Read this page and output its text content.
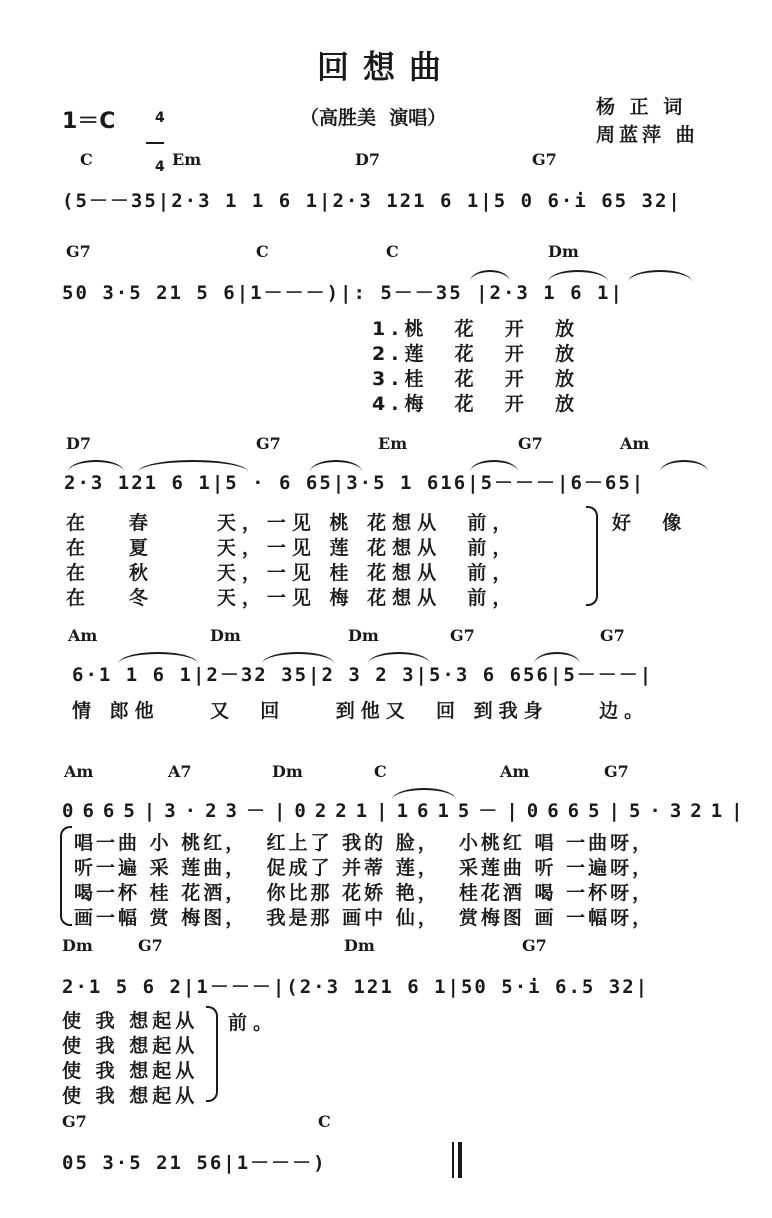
回想曲
1＝C	4

4

（高胜美  演唱）	杨 正 词
周蓝萍 曲
C	Em	D7	G7
(5－－35|2·3 1 1 6 1|2·3 121 6 1|5 0 6·i 65 32|
G7	C	C	Dm
50 3·5 21 5 6|1－－－)|: 5－－35 |2·3 1 6 1|
1.桃  花  开  放
2.莲  花  开  放
3.桂  花  开  放
4.梅  花  开  放
D7	G7	Em	G7	Am
2·3 121 6 1|5 · 6 65|3·5 1 616|5－－－|6－65|
在   春     天，一见 桃 花想从  前，
在   夏     天，一见 莲 花想从  前，
在   秋     天，一见 桂 花想从  前，
在   冬     天，一见 梅 花想从  前，
好  像
Am	Dm	Dm	G7	G7
6·1 1 6 1|2－32 35|2 3 2 3|5·3 6 656|5－－－|
情 郎他    又  回    到他又  回 到我身    边。
Am	A7	Dm	C	Am	G7
0665|3·23－|0221|1615－|0665|5·321|
唱一曲 小 桃红，  红上了 我的 脸，  小桃红 唱 一曲呀，
听一遍 采 莲曲，  促成了 并蒂 莲，  采莲曲 听 一遍呀，
喝一杯 桂 花酒，  你比那 花娇 艳，  桂花酒 喝 一杯呀，
画一幅 赏 梅图，  我是那 画中 仙，  赏梅图 画 一幅呀，
Dm	G7	Dm	G7
2·1 5 6 2|1－－－|(2·3 121 6 1|50 5·i 6.5 32|
使 我 想起从
使 我 想起从
使 我 想起从
使 我 想起从
前。
G7	C
05 3·5 21 56|1－－－)
